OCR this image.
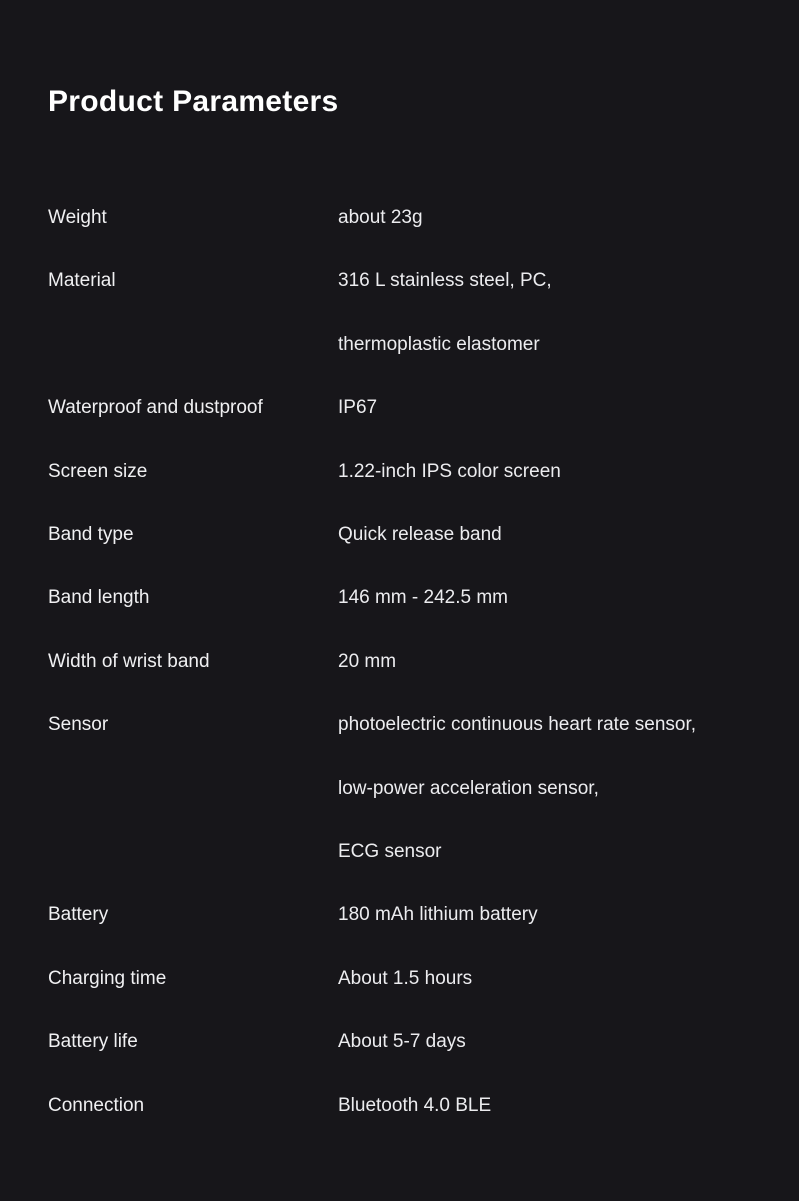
Product Parameters
Weight	about 23g
Material	316 L stainless steel, PC,
thermoplastic elastomer
Waterproof and dustproof	IP67
Screen size	1.22-inch IPS color screen
Band type	Quick release band
Band length	146 mm - 242.5 mm
Width of wrist band	20 mm
Sensor	photoelectric continuous heart rate sensor,
low-power acceleration sensor,
ECG sensor
Battery	180 mAh lithium battery
Charging time	About 1.5 hours
Battery life	About 5-7 days
Connection	Bluetooth 4.0 BLE
